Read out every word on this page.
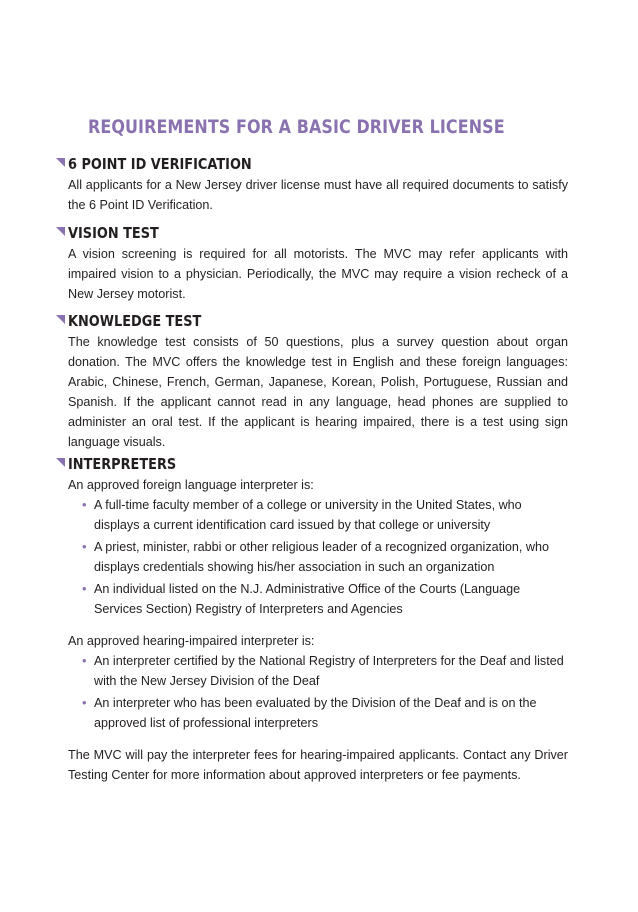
REQUIREMENTS FOR A BASIC DRIVER LICENSE
6 POINT ID VERIFICATION
All applicants for a New Jersey driver license must have all required documents to satisfy the 6 Point ID Verification.
VISION TEST
A vision screening is required for all motorists. The MVC may refer applicants with impaired vision to a physician. Periodically, the MVC may require a vision recheck of a New Jersey motorist.
KNOWLEDGE TEST
The knowledge test consists of 50 questions, plus a survey question about organ donation. The MVC offers the knowledge test in English and these foreign languages: Arabic, Chinese, French, German, Japanese, Korean, Polish, Portuguese, Russian and Spanish. If the applicant cannot read in any language, head phones are supplied to administer an oral test. If the applicant is hearing impaired, there is a test using sign language visuals.
INTERPRETERS
An approved foreign language interpreter is:
• A full-time faculty member of a college or university in the United States, who displays a current identification card issued by that college or university
• A priest, minister, rabbi or other religious leader of a recognized organization, who displays credentials showing his/her association in such an organization
• An individual listed on the N.J. Administrative Office of the Courts (Language Services Section) Registry of Interpreters and Agencies
An approved hearing-impaired interpreter is:
• An interpreter certified by the National Registry of Interpreters for the Deaf and listed with the New Jersey Division of the Deaf
• An interpreter who has been evaluated by the Division of the Deaf and is on the approved list of professional interpreters
The MVC will pay the interpreter fees for hearing-impaired applicants. Contact any Driver Testing Center for more information about approved interpreters or fee payments.
